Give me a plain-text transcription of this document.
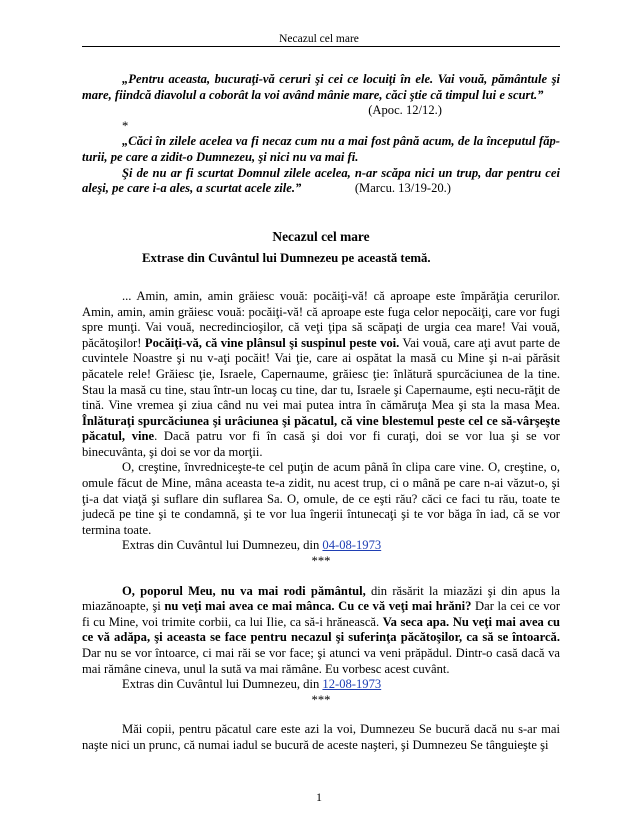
Necazul cel mare

„Pentru aceasta, bucuraţi-vă ceruri şi cei ce locuiţi în ele. Vai vouă, pământule şi mare, fiindcă diavolul a coborât la voi având mânie mare, căci ştie că timpul lui e scurt.”

(Apoc. 12/12.)
*

„Căci în zilele acelea va fi necaz cum nu a mai fost până acum, de la începutul făp-turii, pe care a zidit-o Dumnezeu, şi nici nu va mai fi.

Şi de nu ar fi scurtat Domnul zilele acelea, n-ar scăpa nici un trup, dar pentru cei aleşi, pe care i-a ales, a scurtat acele zile.”	(Marcu. 13/19-20.)

Necazul cel mare
Extrase din Cuvântul lui Dumnezeu pe această temă.

... Amin, amin, amin grăiesc vouă: pocăiţi-vă! că aproape este împărăţia cerurilor. Amin, amin, amin grăiesc vouă: pocăiţi-vă! că aproape este fuga celor nepocăiţi, care vor fugi spre munţi. Vai vouă, necredincioşilor, că veţi ţipa să scăpaţi de urgia cea mare! Vai vouă, păcătoşilor! Pocăiţi-vă, că vine plânsul şi suspinul peste voi. Vai vouă, care aţi avut parte de cuvintele Noastre şi nu v-aţi pocăit! Vai ţie, care ai ospătat la masă cu Mine şi n-ai părăsit păcatele rele! Grăiesc ţie, Israele, Capernaume, grăiesc ţie: înlătură spurcăciunea de la tine. Stau la masă cu tine, stau într-un locaş cu tine, dar tu, Israele şi Capernaume, eşti necu-răţit de tină. Vine vremea şi ziua când nu vei mai putea intra în cămăruţa Mea şi sta la masa Mea. Înlăturaţi spurcăciunea şi urâciunea şi păcatul, că vine blestemul peste cel ce să-vârşeşte păcatul, vine. Dacă patru vor fi în casă şi doi vor fi curaţi, doi se vor lua şi se vor binecuvânta, şi doi se vor da morţii.

O, creştine, învredniceşte-te cel puţin de acum până în clipa care vine. O, creştine, o, omule făcut de Mine, mâna aceasta te-a zidit, nu acest trup, ci o mână pe care n-ai văzut-o, şi ţi-a dat viaţă şi suflare din suflarea Sa. O, omule, de ce eşti rău? căci ce faci tu rău, toate te judecă pe tine şi te condamnă, şi te vor lua îngerii întunecaţi şi te vor băga în iad, că se vor termina toate.

Extras din Cuvântul lui Dumnezeu, din 04-08-1973

***

O, poporul Meu, nu va mai rodi pământul, din răsărit la miazăzi şi din apus la miazănoapte, şi nu veţi mai avea ce mai mânca. Cu ce vă veţi mai hrăni? Dar la cei ce vor fi cu Mine, voi trimite corbii, ca lui Ilie, ca să-i hrănească. Va seca apa. Nu veţi mai avea cu ce vă adăpa, şi aceasta se face pentru necazul şi suferinţa păcătoşilor, ca să se întoarcă. Dar nu se vor întoarce, ci mai răi se vor face; şi atunci va veni prăpădul. Dintr-o casă dacă va mai rămâne cineva, unul la sută va mai rămâne. Eu vorbesc acest cuvânt.

Extras din Cuvântul lui Dumnezeu, din 12-08-1973

***

Măi copii, pentru păcatul care este azi la voi, Dumnezeu Se bucură dacă nu s-ar mai naşte nici un prunc, că numai iadul se bucură de aceste naşteri, şi Dumnezeu Se tânguieşte şi

1
